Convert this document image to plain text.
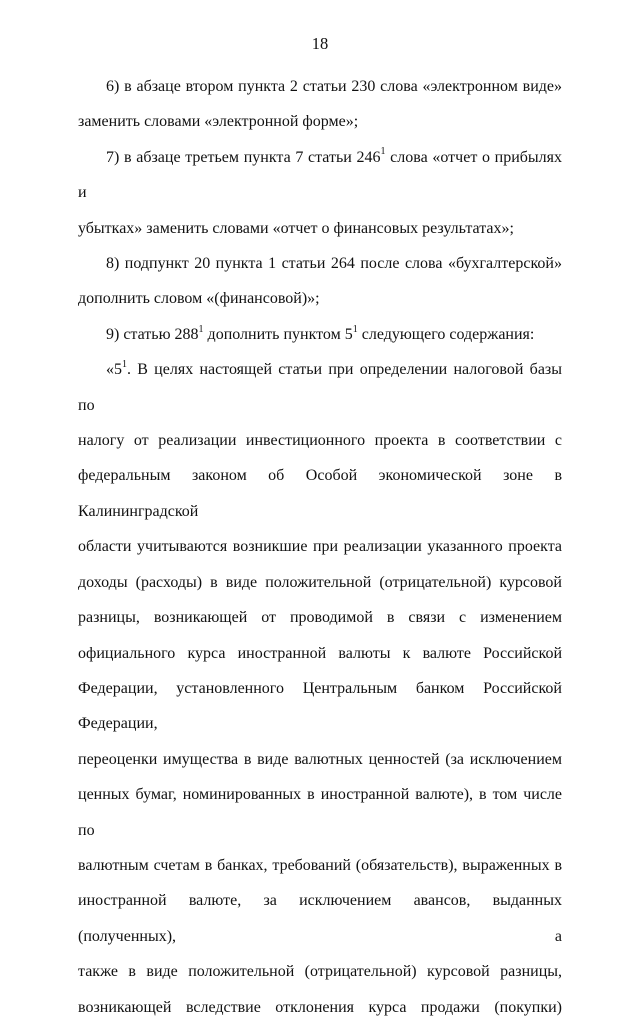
18

6) в абзаце втором пункта 2 статьи 230 слова «электронном виде»
заменить словами «электронной форме»;

7) в абзаце третьем пункта 7 статьи $246^1$ слова «отчет о прибылях и
убытках» заменить словами «отчет о финансовых результатах»;

8) подпункт 20 пункта 1 статьи 264 после слова «бухгалтерской»
дополнить словом «(финансовой)»;

9) статью $288^1$ дополнить пунктом $5^1$ следующего содержания:

«$5^1$. В целях настоящей статьи при определении налоговой базы по
налогу от реализации инвестиционного проекта в соответствии с
федеральным законом об Особой экономической зоне в Калининградской
области учитываются возникшие при реализации указанного проекта
доходы (расходы) в виде положительной (отрицательной) курсовой
разницы, возникающей от проводимой в связи с изменением
официального курса иностранной валюты к валюте Российской
Федерации, установленного Центральным банком Российской Федерации,
переоценки имущества в виде валютных ценностей (за исключением
ценных бумаг, номинированных в иностранной валюте), в том числе по
валютным счетам в банках, требований (обязательств), выраженных в
иностранной валюте, за исключением авансов, выданных (полученных), а
также в виде положительной (отрицательной) курсовой разницы,
возникающей вследствие отклонения курса продажи (покупки)
